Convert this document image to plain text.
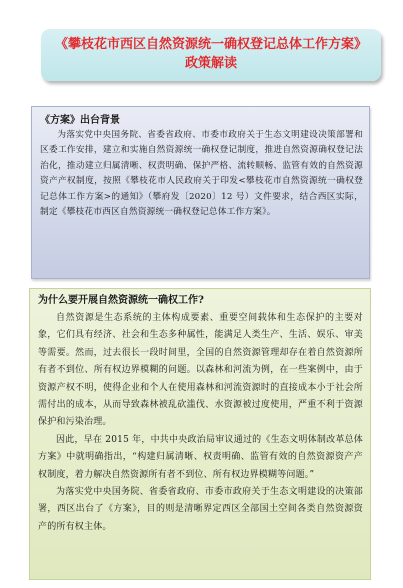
《攀枝花市西区自然资源统一确权登记总体工作方案》
政策解读

《方案》出台背景

为落实党中央国务院、省委省政府、市委市政府关于生态文明建设决策部署和区委工作安排，建立和实施自然资源统一确权登记制度，推进自然资源确权登记法治化，推动建立归属清晰、权责明确、保护严格、流转顺畅、监管有效的自然资源资产产权制度，按照《攀枝花市人民政府关于印发<攀枝花市自然资源统一确权登记总体工作方案>的通知》（攀府发〔2020〕12 号）文件要求，结合西区实际，制定《攀枝花市西区自然资源统一确权登记总体工作方案》。

为什么要开展自然资源统一确权工作?

自然资源是生态系统的主体构成要素、重要空间载体和生态保护的主要对象，它们具有经济、社会和生态多种属性，能满足人类生产、生活、娱乐、审美等需要。然而，过去很长一段时间里，全国的自然资源管理却存在着自然资源所有者不到位、所有权边界模糊的问题。以森林和河流为例，在一些案例中，由于资源产权不明，使得企业和个人在使用森林和河流资源时的直接成本小于社会所需付出的成本，从而导致森林被乱砍滥伐、水资源被过度使用，严重不利于资源保护和污染治理。

因此，早在 2015 年，中共中央政治局审议通过的《生态文明体制改革总体方案》中就明确指出，“构建归属清晰、权责明确、监管有效的自然资源资产产权制度，着力解决自然资源所有者不到位、所有权边界模糊等问题。”

为落实党中央国务院、省委省政府、市委市政府关于生态文明建设的决策部署，西区出台了《方案》，目的则是清晰界定西区全部国土空间各类自然资源资产的所有权主体。
